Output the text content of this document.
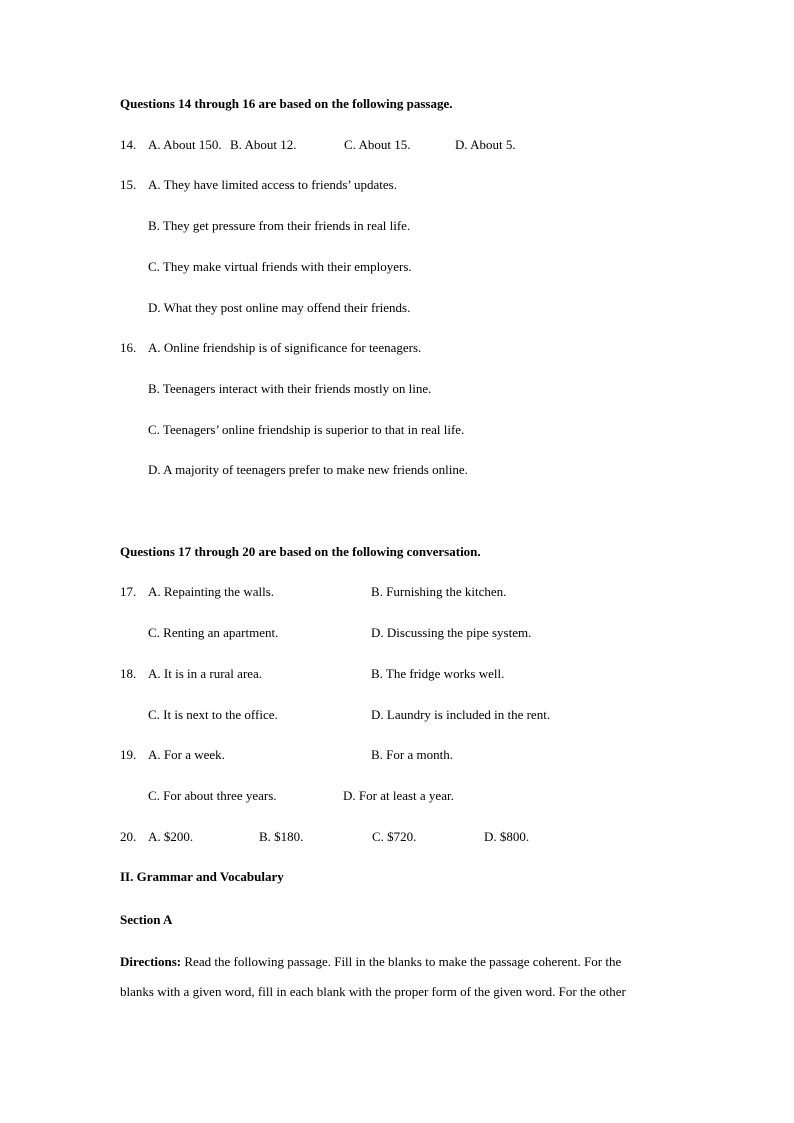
Questions 14 through 16 are based on the following passage.
14. A. About 150. B. About 12.	C. About 15.	D. About 5.
15. A. They have limited access to friends’ updates.
B. They get pressure from their friends in real life.
C. They make virtual friends with their employers.
D. What they post online may offend their friends.
16. A. Online friendship is of significance for teenagers.
B. Teenagers interact with their friends mostly on line.
C. Teenagers’ online friendship is superior to that in real life.
D. A majority of teenagers prefer to make new friends online.
Questions 17 through 20 are based on the following conversation.
17. A. Repainting the walls.	B. Furnishing the kitchen.
C. Renting an apartment.	D. Discussing the pipe system.
18. A. It is in a rural area.	B. The fridge works well.
C. It is next to the office.	D. Laundry is included in the rent.
19. A. For a week.	B. For a month.
C. For about three years.	D. For at least a year.
20. A. $200.	B. $180.	C. $720.	D. $800.
II. Grammar and Vocabulary
Section A
Directions: Read the following passage. Fill in the blanks to make the passage coherent. For the
blanks with a given word, fill in each blank with the proper form of the given word. For the other
